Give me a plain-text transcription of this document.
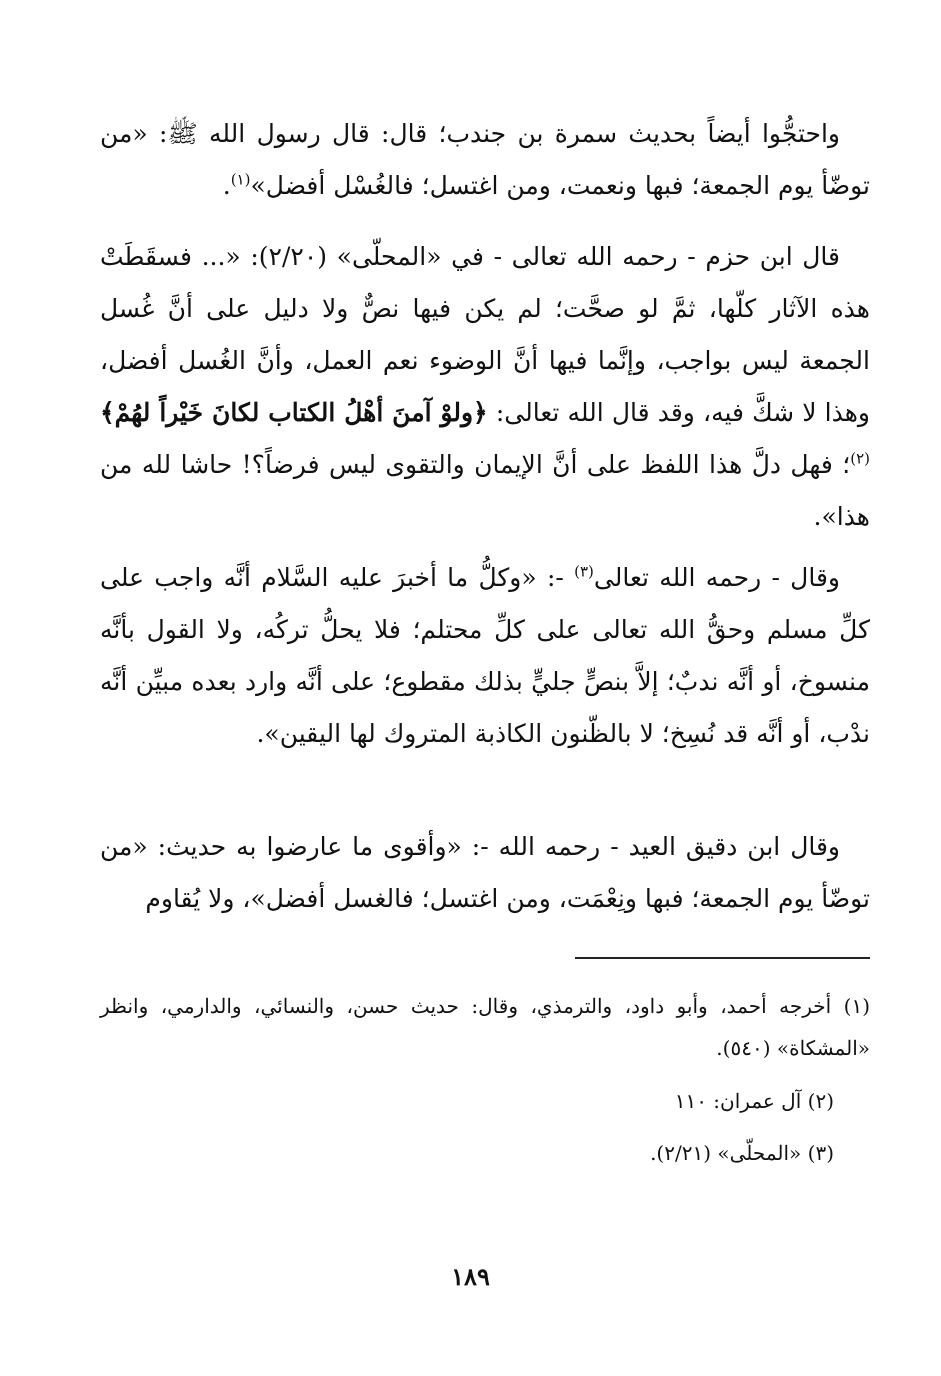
واحتجُّوا أيضاً بحديث سمرة بن جندب؛ قال: قال رسول الله ﷺ: «من توضّأ يوم الجمعة؛ فبها ونعمت، ومن اغتسل؛ فالغُسْل أفضل»$^{(١)}$.
قال ابن حزم - رحمه الله تعالى - في «المحلّى» (٢/٢٠): «... فسقَطَتْ هذه الآثار كلّها، ثمَّ لو صحَّت؛ لم يكن فيها نصٌّ ولا دليل على أنَّ غُسل الجمعة ليس بواجب، وإنَّما فيها أنَّ الوضوء نعم العمل، وأنَّ الغُسل أفضل، وهذا لا شكَّ فيه، وقد قال الله تعالى: ﴿ولوْ آمنَ أهْلُ الكتاب لكانَ خَيْراً لهُمْ﴾$^{(٢)}$؛ فهل دلَّ هذا اللفظ على أنَّ الإيمان والتقوى ليس فرضاً؟! حاشا لله من هذا».
وقال - رحمه الله تعالى$^{(٣)}$ -: «وكلُّ ما أخبرَ عليه السَّلام أنَّه واجب على كلِّ مسلم وحقُّ الله تعالى على كلِّ محتلم؛ فلا يحلُّ تركُه، ولا القول بأنَّه منسوخ، أو أنَّه ندبٌ؛ إلاَّ بنصٍّ جليٍّ بذلك مقطوع؛ على أنَّه وارد بعده مبيِّن أنَّه ندْب، أو أنَّه قد نُسِخ؛ لا بالظّنون الكاذبة المتروك لها اليقين».
وقال ابن دقيق العيد - رحمه الله -: «وأقوى ما عارضوا به حديث: «من توضّأ يوم الجمعة؛ فبها ونِعْمَت، ومن اغتسل؛ فالغسل أفضل»، ولا يُقاوم
(١) أخرجه أحمد، وأبو داود، والترمذي، وقال: حديث حسن، والنسائي، والدارمي، وانظر «المشكاة» (٥٤٠).
(٢) آل عمران: ١١٠
(٣) «المحلّى» (٢/٢١).
١٨٩
